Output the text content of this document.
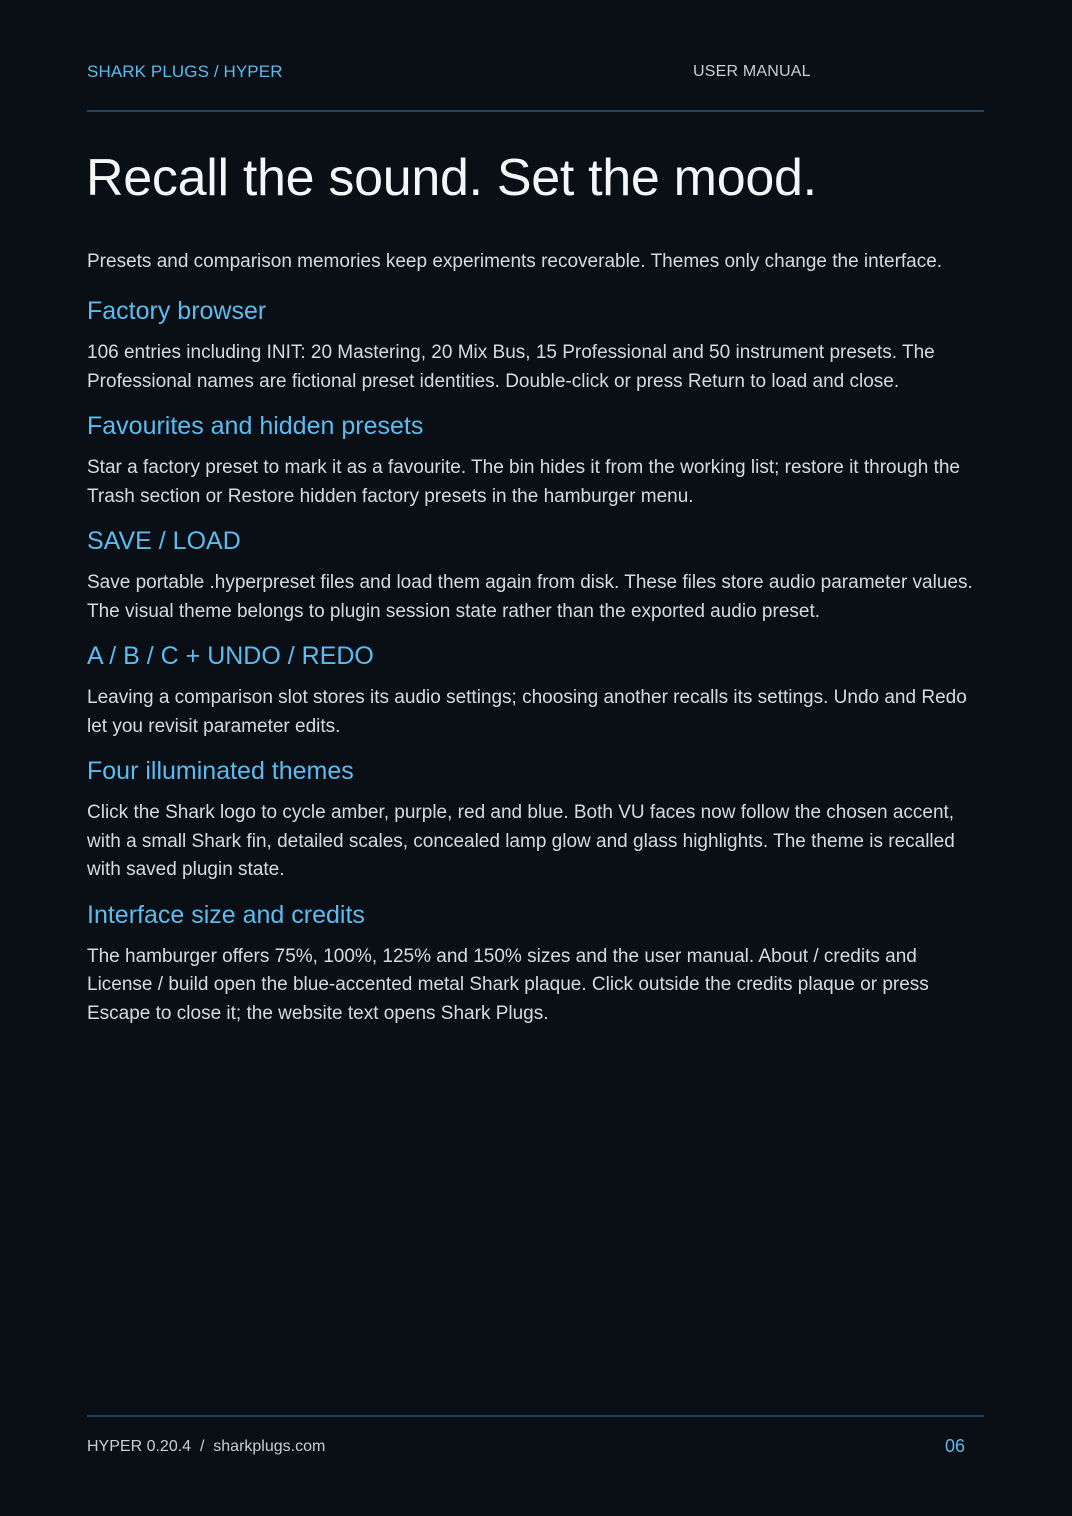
SHARK PLUGS / HYPER	USER MANUAL
Recall the sound. Set the mood.

Presets and comparison memories keep experiments recoverable. Themes only change the interface.

Factory browser

106 entries including INIT: 20 Mastering, 20 Mix Bus, 15 Professional and 50 instrument presets. The Professional names are fictional preset identities. Double-click or press Return to load and close.

Favourites and hidden presets

Star a factory preset to mark it as a favourite. The bin hides it from the working list; restore it through the Trash section or Restore hidden factory presets in the hamburger menu.

SAVE / LOAD

Save portable .hyperpreset files and load them again from disk. These files store audio parameter values. The visual theme belongs to plugin session state rather than the exported audio preset.

A / B / C + UNDO / REDO

Leaving a comparison slot stores its audio settings; choosing another recalls its settings. Undo and Redo let you revisit parameter edits.

Four illuminated themes

Click the Shark logo to cycle amber, purple, red and blue. Both VU faces now follow the chosen accent, with a small Shark fin, detailed scales, concealed lamp glow and glass highlights. The theme is recalled with saved plugin state.

Interface size and credits

The hamburger offers 75%, 100%, 125% and 150% sizes and the user manual. About / credits and License / build open the blue-accented metal Shark plaque. Click outside the credits plaque or press Escape to close it; the website text opens Shark Plugs.

HYPER 0.20.4  /  sharkplugs.com	06
